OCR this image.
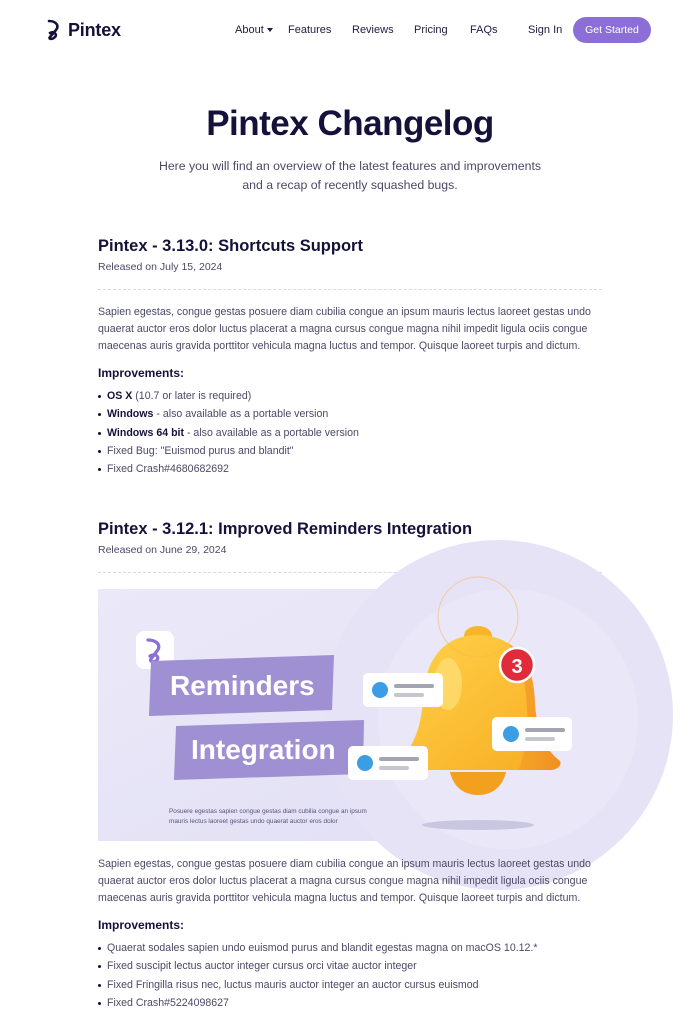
Pintex	About Features Reviews Pricing FAQs	Sign In	Get Started
Pintex Changelog

Here you will find an overview of the latest features and improvements and a recap of recently squashed bugs.

Pintex - 3.13.0: Shortcuts Support
Released on July 15, 2024

Sapien egestas, congue gestas posuere diam cubilia congue an ipsum mauris lectus laoreet gestas undo quaerat auctor eros dolor luctus placerat a magna cursus congue magna nihil impedit ligula ociis congue maecenas auris gravida porttitor vehicula magna luctus and tempor. Quisque laoreet turpis and dictum.

Improvements:
OS X (10.7 or later is required)
Windows - also available as a portable version
Windows 64 bit - also available as a portable version
Fixed Bug: "Euismod purus and blandit"
Fixed Crash#4680682692
Pintex - 3.12.1: Improved Reminders Integration
Released on June 29, 2024
Reminders
Integration
Posuere egestas sapien congue gestas diam cubilia congue an ipsum
mauris lectus laoreet gestas undo quaerat auctor eros dolor
3

Sapien egestas, congue gestas posuere diam cubilia congue an ipsum mauris lectus laoreet gestas undo quaerat auctor eros dolor luctus placerat a magna cursus congue magna nihil impedit ligula ociis congue maecenas auris gravida porttitor vehicula magna luctus and tempor. Quisque laoreet turpis and dictum.

Improvements:
Quaerat sodales sapien undo euismod purus and blandit egestas magna on macOS 10.12.*
Fixed suscipit lectus auctor integer cursus orci vitae auctor integer
Fixed Fringilla risus nec, luctus mauris auctor integer an auctor cursus euismod
Fixed Crash#5224098627
